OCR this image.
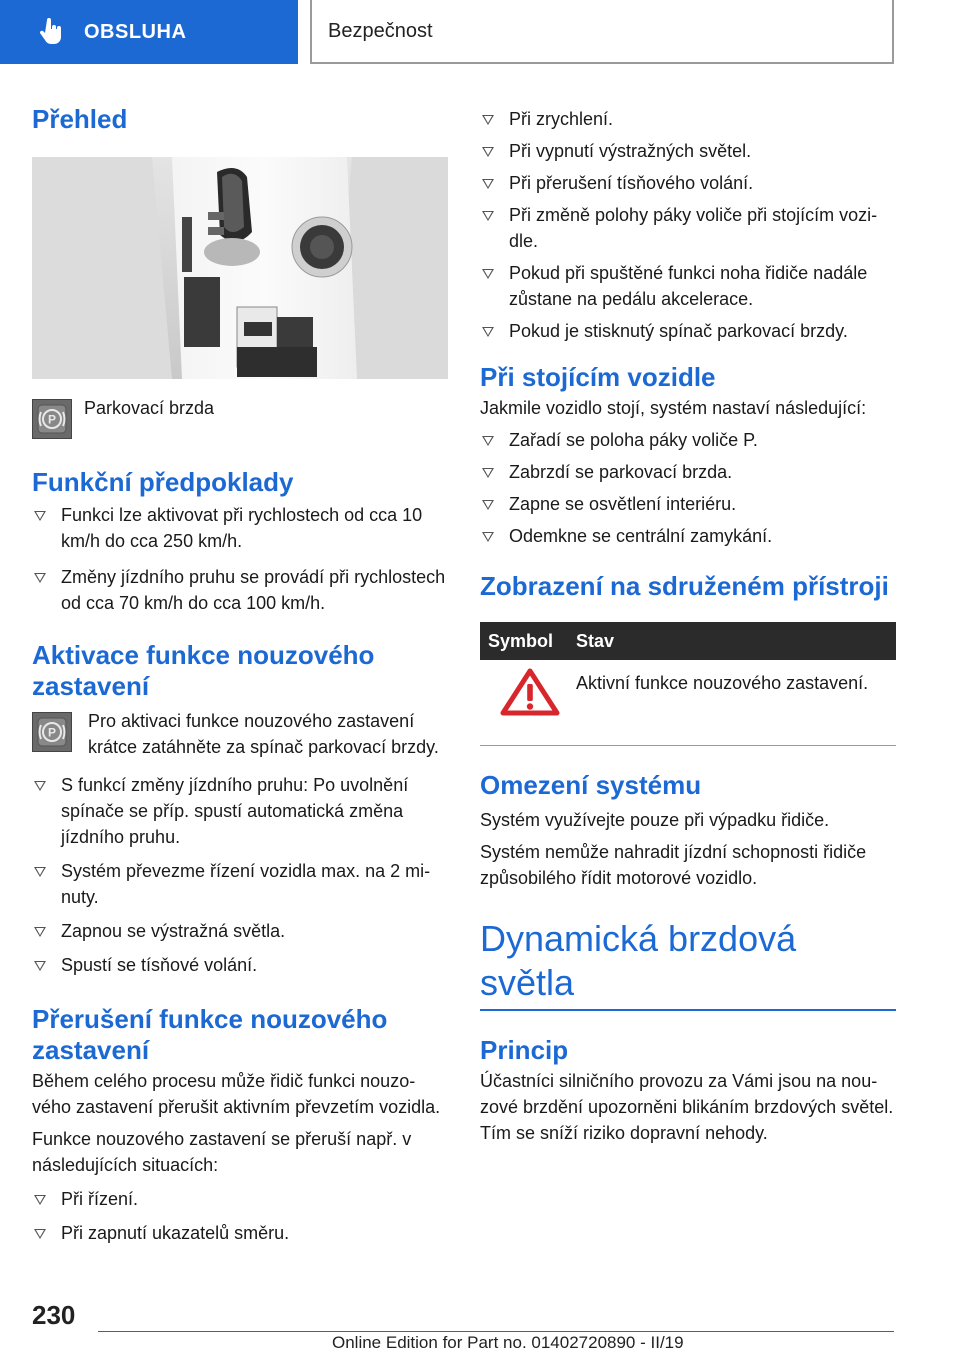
OBSLUHA	Bezpečnost
Přehled
P
Parkovací brzda
Funkční předpoklady
Funkci lze aktivovat při rychlostech od cca 10 km/h do cca 250 km/h.
Změny jízdního pruhu se provádí při rychlostech od cca 70 km/h do cca 100 km/h.
Aktivace funkce nouzového zastavení
P
Pro aktivaci funkce nouzového zastavení krátce zatáhněte za spínač parkovací brzdy.
S funkcí změny jízdního pruhu: Po uvolnění spínače se příp. spustí automatická změna jízdního pruhu.
Systém převezme řízení vozidla max. na 2 minuty.
Zapnou se výstražná světla.
Spustí se tísňové volání.
Přerušení funkce nouzového zastavení

Během celého procesu může řidič funkci nouzového zastavení přerušit aktivním převzetím vozidla.

Funkce nouzového zastavení se přeruší např. v následujících situacích:

Při řízení.
Při zapnutí ukazatelů směru.
Při zrychlení.
Při vypnutí výstražných světel.
Při přerušení tísňového volání.
Při změně polohy páky voliče při stojícím vozidle.
Pokud při spuštěné funkci noha řidiče nadále zůstane na pedálu akcelerace.
Pokud je stisknutý spínač parkovací brzdy.
Při stojícím vozidle

Jakmile vozidlo stojí, systém nastaví následující:

Zařadí se poloha páky voliče P.
Zabrzdí se parkovací brzda.
Zapne se osvětlení interiéru.
Odemkne se centrální zamykání.
Zobrazení na sdruženém přístroji
Symbol	Stav
	Aktivní funkce nouzového zastavení.
Omezení systému

Systém využívejte pouze při výpadku řidiče.

Systém nemůže nahradit jízdní schopnosti řidiče způsobilého řídit motorové vozidlo.

Dynamická brzdová světla
Princip

Účastníci silničního provozu za Vámi jsou na nouzové brzdění upozorněni blikáním brzdových světel. Tím se sníží riziko dopravní nehody.

230
Online Edition for Part no. 01402720890 - II/19
